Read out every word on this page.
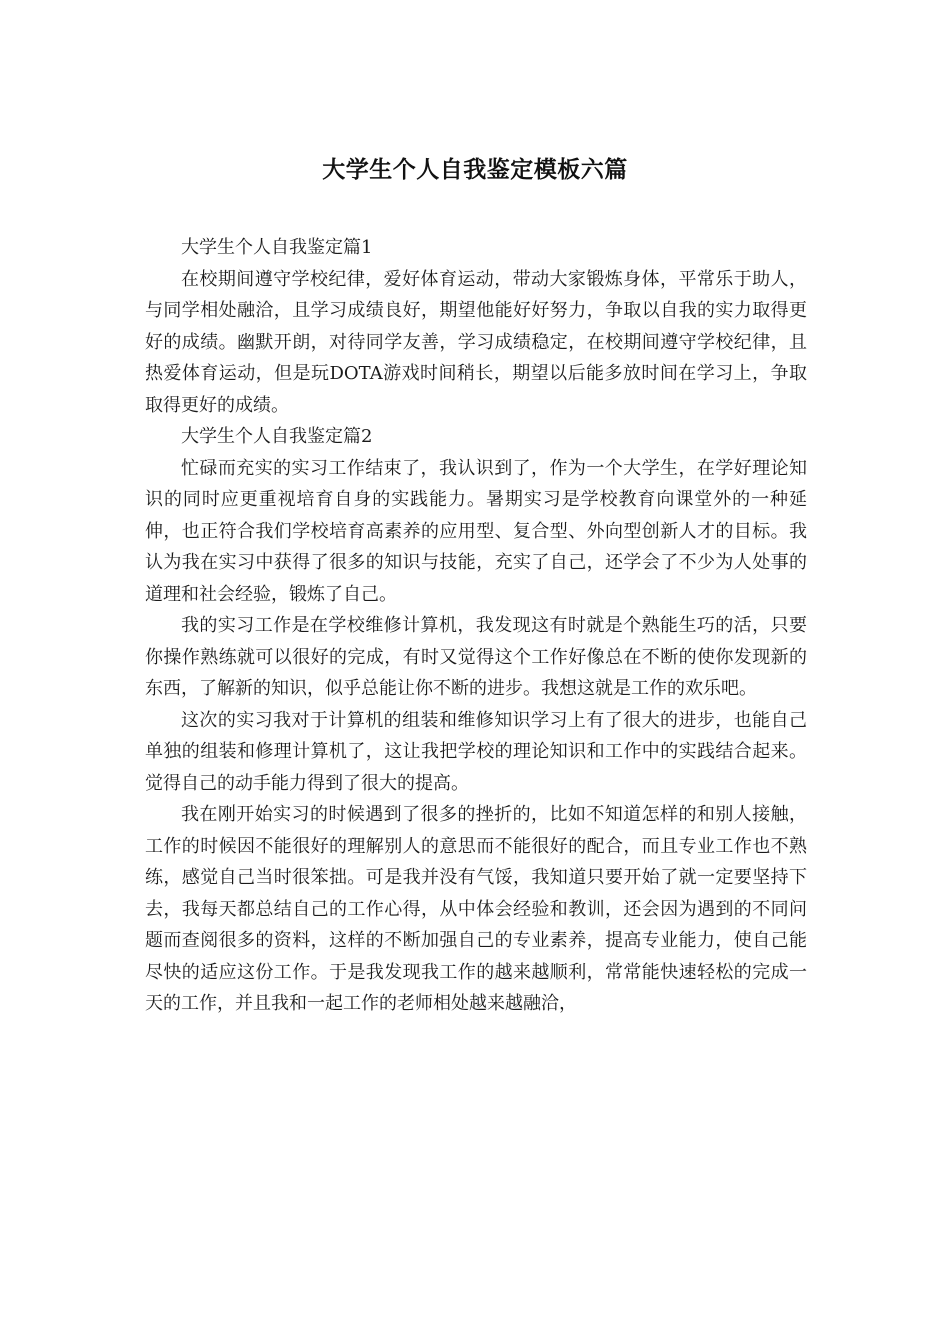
大学生个人自我鉴定模板六篇

大学生个人自我鉴定篇1

在校期间遵守学校纪律，爱好体育运动，带动大家锻炼身体，平常乐于助人，与同学相处融洽，且学习成绩良好，期望他能好好努力，争取以自我的实力取得更好的成绩。幽默开朗，对待同学友善，学习成绩稳定，在校期间遵守学校纪律，且热爱体育运动，但是玩DOTA游戏时间稍长，期望以后能多放时间在学习上，争取取得更好的成绩。

大学生个人自我鉴定篇2

忙碌而充实的实习工作结束了，我认识到了，作为一个大学生，在学好理论知识的同时应更重视培育自身的实践能力。暑期实习是学校教育向课堂外的一种延伸，也正符合我们学校培育高素养的应用型、复合型、外向型创新人才的目标。我认为我在实习中获得了很多的知识与技能，充实了自己，还学会了不少为人处事的道理和社会经验，锻炼了自己。

我的实习工作是在学校维修计算机，我发现这有时就是个熟能生巧的活，只要你操作熟练就可以很好的完成，有时又觉得这个工作好像总在不断的使你发现新的东西，了解新的知识，似乎总能让你不断的进步。我想这就是工作的欢乐吧。

这次的实习我对于计算机的组装和维修知识学习上有了很大的进步，也能自己单独的组装和修理计算机了，这让我把学校的理论知识和工作中的实践结合起来。觉得自己的动手能力得到了很大的提高。

我在刚开始实习的时候遇到了很多的挫折的，比如不知道怎样的和别人接触，工作的时候因不能很好的理解别人的意思而不能很好的配合，而且专业工作也不熟练，感觉自己当时很笨拙。可是我并没有气馁，我知道只要开始了就一定要坚持下去，我每天都总结自己的工作心得，从中体会经验和教训，还会因为遇到的不同问题而查阅很多的资料，这样的不断加强自己的专业素养，提高专业能力，使自己能尽快的适应这份工作。于是我发现我工作的越来越顺利，常常能快速轻松的完成一天的工作，并且我和一起工作的老师相处越来越融洽，
